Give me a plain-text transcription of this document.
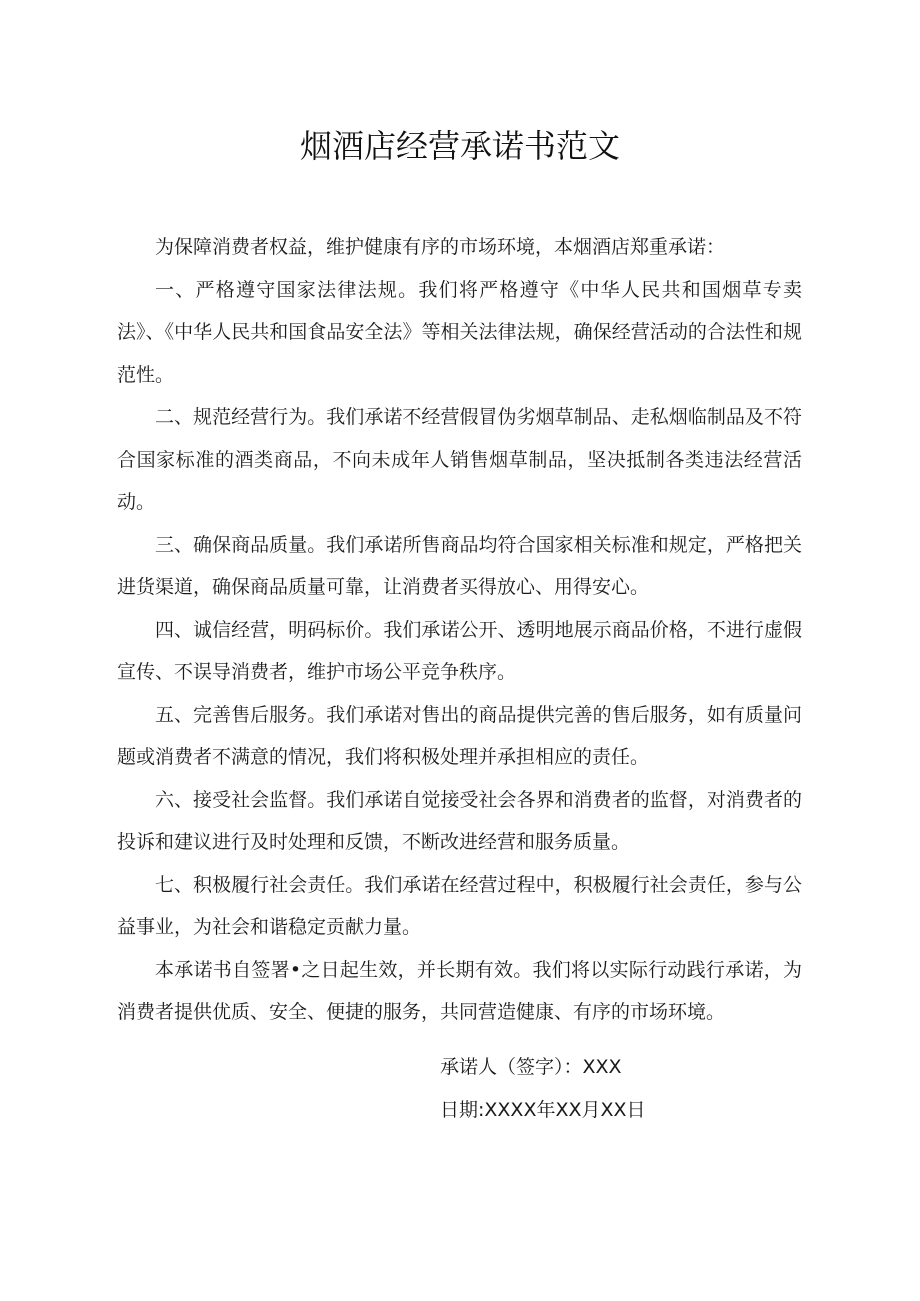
烟酒店经营承诺书范文

为保障消费者权益，维护健康有序的市场环境，本烟酒店郑重承诺：

一、严格遵守国家法律法规。我们将严格遵守《中华人民共和国烟草专卖法》、《中华人民共和国食品安全法》等相关法律法规，确保经营活动的合法性和规范性。

二、规范经营行为。我们承诺不经营假冒伪劣烟草制品、走私烟临制品及不符合国家标准的酒类商品，不向未成年人销售烟草制品，坚决抵制各类违法经营活动。

三、确保商品质量。我们承诺所售商品均符合国家相关标准和规定，严格把关进货渠道，确保商品质量可靠，让消费者买得放心、用得安心。

四、诚信经营，明码标价。我们承诺公开、透明地展示商品价格，不进行虚假宣传、不误导消费者，维护市场公平竞争秩序。

五、完善售后服务。我们承诺对售出的商品提供完善的售后服务，如有质量问题或消费者不满意的情况，我们将积极处理并承担相应的责任。

六、接受社会监督。我们承诺自觉接受社会各界和消费者的监督，对消费者的投诉和建议进行及时处理和反馈，不断改进经营和服务质量。

七、积极履行社会责任。我们承诺在经营过程中，积极履行社会责任，参与公益事业，为社会和谐稳定贡献力量。

本承诺书自签署•之日起生效，并长期有效。我们将以实际行动践行承诺，为消费者提供优质、安全、便捷的服务，共同营造健康、有序的市场环境。

承诺人（签字）：XXX
日期:XXXX年XX月XX日
